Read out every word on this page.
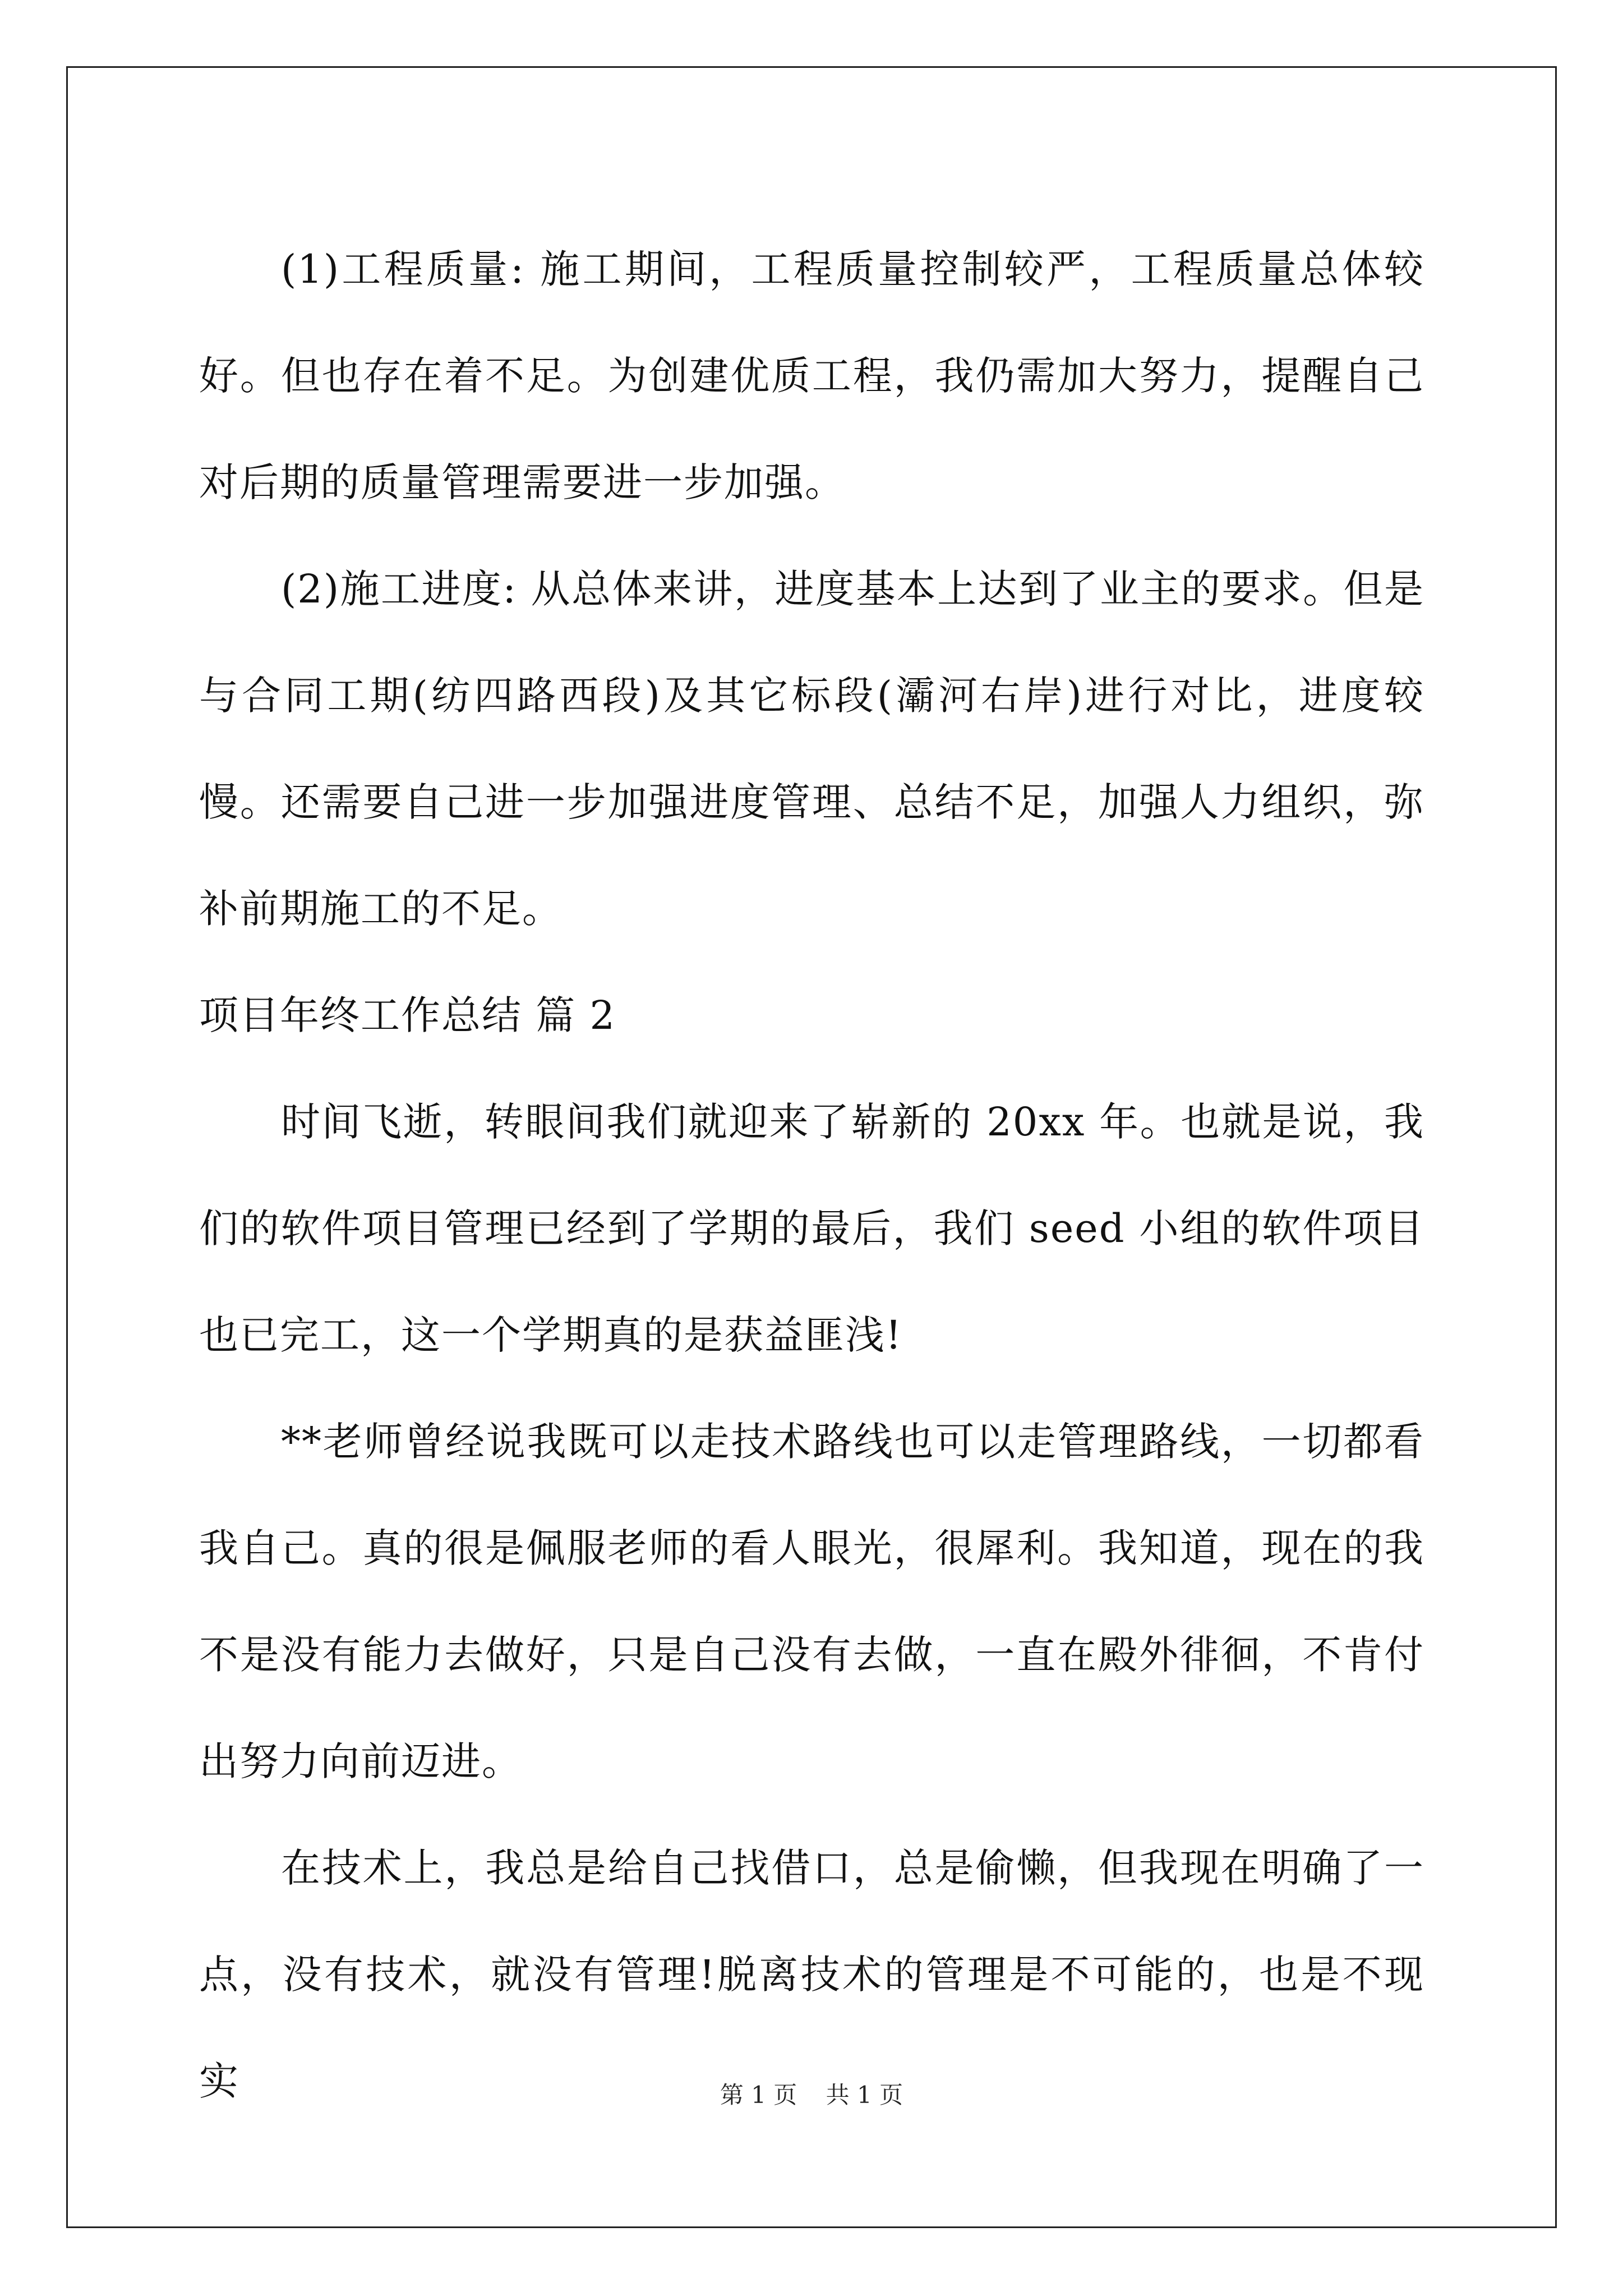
(1)工程质量: 施工期间，工程质量控制较严，工程质量总体较好。但也存在着不足。为创建优质工程，我仍需加大努力，提醒自己对后期的质量管理需要进一步加强。

(2)施工进度: 从总体来讲，进度基本上达到了业主的要求。但是与合同工期(纺四路西段)及其它标段(灞河右岸)进行对比，进度较慢。还需要自己进一步加强进度管理、总结不足，加强人力组织，弥补前期施工的不足。

项目年终工作总结 篇 2

时间飞逝，转眼间我们就迎来了崭新的 20xx 年。也就是说，我们的软件项目管理已经到了学期的最后，我们 seed 小组的软件项目也已完工，这一个学期真的是获益匪浅!

**老师曾经说我既可以走技术路线也可以走管理路线，一切都看我自己。真的很是佩服老师的看人眼光，很犀利。我知道，现在的我不是没有能力去做好，只是自己没有去做，一直在殿外徘徊，不肯付出努力向前迈进。

在技术上，我总是给自己找借口，总是偷懒，但我现在明确了一点，没有技术，就没有管理!脱离技术的管理是不可能的，也是不现实	第 1 页 共 1 页
